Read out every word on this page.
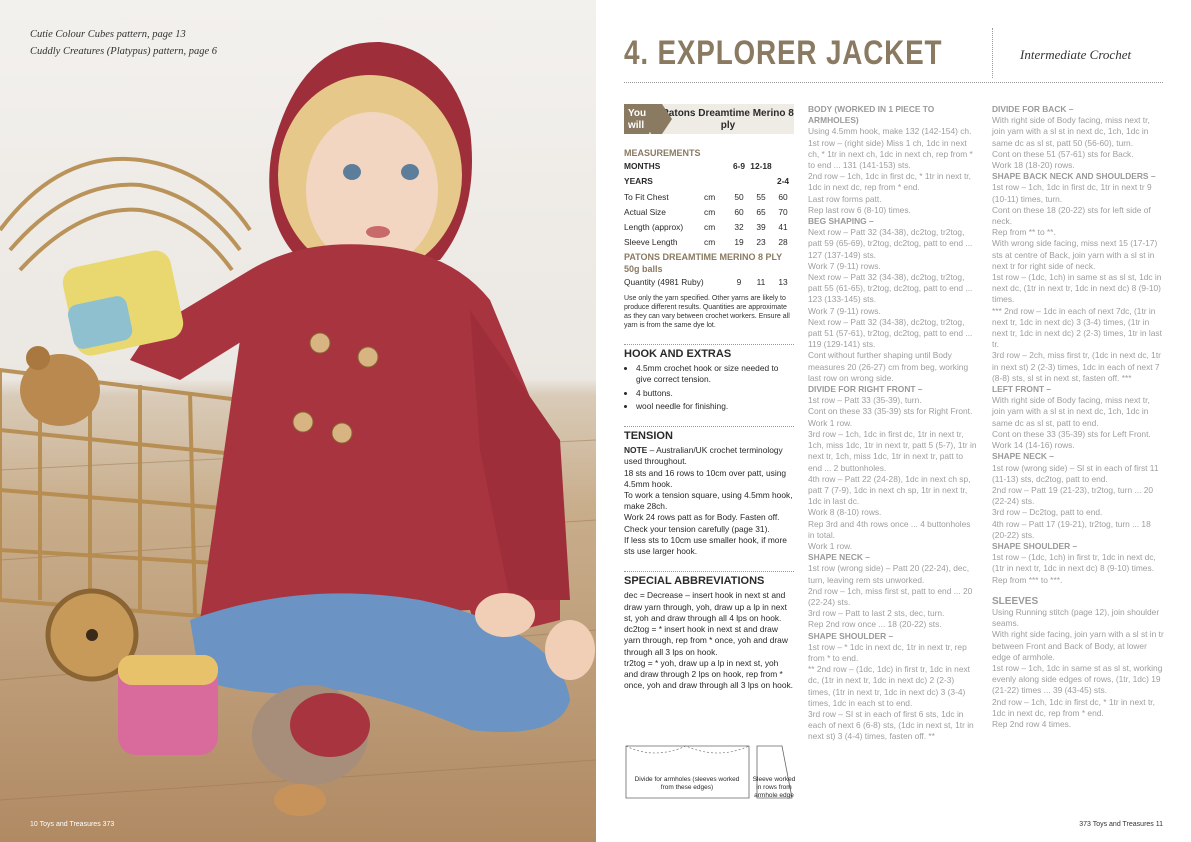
Cutie Colour Cubes pattern, page 13
Cuddly Creatures (Platypus) pattern, page 6
10 Toys and Treasures 373
4. EXPLORER JACKET	Intermediate Crochet
You will need
Patons Dreamtime Merino 8 ply
MEASUREMENTS
MONTHS		6-9	12-18	
YEARS				2-4
To Fit Chest	cm	50	55	60
Actual Size	cm	60	65	70
Length (approx)	cm	32	39	41
Sleeve Length	cm	19	23	28
PATONS DREAMTIME MERINO 8 PLY 50g balls
Quantity (4981 Ruby)	9	11	13
Use only the yarn specified. Other yarns are likely to produce different results. Quantities are approximate as they can vary between crochet workers. Ensure all yarn is from the same dye lot.
HOOK AND EXTRAS
• 4.5mm crochet hook or size needed to give correct tension.
• 4 buttons.
• wool needle for finishing.
TENSION
NOTE – Australian/UK crochet terminology used throughout.
18 sts and 16 rows to 10cm over patt, using 4.5mm hook.
To work a tension square, using 4.5mm hook, make 28ch.
Work 24 rows patt as for Body. Fasten off.
Check your tension carefully (page 31).
If less sts to 10cm use smaller hook, if more sts use larger hook.
SPECIAL ABBREVIATIONS
dec = Decrease – insert hook in next st and draw yarn through, yoh, draw up a lp in next st, yoh and draw through all 4 lps on hook.
dc2tog = * insert hook in next st and draw yarn through, rep from * once, yoh and draw through all 3 lps on hook.
tr2tog = * yoh, draw up a lp in next st, yoh and draw through 2 lps on hook, rep from * once, yoh and draw through all 3 lps on hook.
Divide for armholes (sleeves worked from these edges)
Sleeve worked in rows from armhole edge
BODY (WORKED IN 1 PIECE TO ARMHOLES)
Using 4.5mm hook, make 132 (142-154) ch.
1st row – (right side) Miss 1 ch, 1dc in next ch, * 1tr in next ch, 1dc in next ch, rep from * to end ... 131 (141-153) sts.
2nd row – 1ch, 1dc in first dc, * 1tr in next tr, 1dc in next dc, rep from * end.
Last row forms patt.
Rep last row 6 (8-10) times.
BEG SHAPING –
Next row – Patt 32 (34-38), dc2tog, tr2tog, patt 59 (65-69), tr2tog, dc2tog, patt to end ... 127 (137-149) sts.
Work 7 (9-11) rows.
Next row – Patt 32 (34-38), dc2tog, tr2tog, patt 55 (61-65), tr2tog, dc2tog, patt to end ... 123 (133-145) sts.
Work 7 (9-11) rows.
Next row – Patt 32 (34-38), dc2tog, tr2tog, patt 51 (57-61), tr2tog, dc2tog, patt to end ... 119 (129-141) sts.
Cont without further shaping until Body measures 20 (26-27) cm from beg, working last row on wrong side.
DIVIDE FOR RIGHT FRONT –
1st row – Patt 33 (35-39), turn.
Cont on these 33 (35-39) sts for Right Front. Work 1 row.
3rd row – 1ch, 1dc in first dc, 1tr in next tr, 1ch, miss 1dc, 1tr in next tr, patt 5 (5-7), 1tr in next tr, 1ch, miss 1dc, 1tr in next tr, patt to end ... 2 buttonholes.
4th row – Patt 22 (24-28), 1dc in next ch sp, patt 7 (7-9), 1dc in next ch sp, 1tr in next tr, 1dc in last dc.
Work 8 (8-10) rows.
Rep 3rd and 4th rows once ... 4 buttonholes in total.
Work 1 row.
SHAPE NECK –
1st row (wrong side) – Patt 20 (22-24), dec, turn, leaving rem sts unworked.
2nd row – 1ch, miss first st, patt to end ... 20 (22-24) sts.
3rd row – Patt to last 2 sts, dec, turn.
Rep 2nd row once ... 18 (20-22) sts.
SHAPE SHOULDER –
1st row – * 1dc in next dc, 1tr in next tr, rep from * to end.
** 2nd row – (1dc, 1dc) in first tr, 1dc in next dc, (1tr in next tr, 1dc in next dc) 2 (2-3) times, (1tr in next tr, 1dc in next dc) 3 (3-4) times, 1dc in each st to end.
3rd row – SI st in each of first 6 sts, 1dc in each of next 6 (6-8) sts, (1dc in next st, 1tr in next st) 3 (4-4) times, fasten off. **
DIVIDE FOR BACK –
With right side of Body facing, miss next tr, join yarn with a sl st in next dc, 1ch, 1dc in same dc as sl st, patt 50 (56-60), turn.
Cont on these 51 (57-61) sts for Back.
Work 18 (18-20) rows.
SHAPE BACK NECK AND SHOULDERS –
1st row – 1ch, 1dc in first dc, 1tr in next tr 9 (10-11) times, turn.
Cont on these 18 (20-22) sts for left side of neck.
Rep from ** to **.
With wrong side facing, miss next 15 (17-17) sts at centre of Back, join yarn with a sl st in next tr for right side of neck.
1st row – (1dc, 1ch) in same st as sl st, 1dc in next dc, (1tr in next tr, 1dc in next dc) 8 (9-10) times.
*** 2nd row – 1dc in each of next 7dc, (1tr in next tr, 1dc in next dc) 3 (3-4) times, (1tr in next tr, 1dc in next dc) 2 (2-3) times, 1tr in last tr.
3rd row – 2ch, miss first tr, (1dc in next dc, 1tr in next st) 2 (2-3) times, 1dc in each of next 7 (8-8) sts, sl st in next st, fasten off. ***
LEFT FRONT –
With right side of Body facing, miss next tr, join yarn with a sl st in next dc, 1ch, 1dc in same dc as sl st, patt to end.
Cont on these 33 (35-39) sts for Left Front. Work 14 (14-16) rows.
SHAPE NECK –
1st row (wrong side) – Sl st in each of first 11 (11-13) sts, dc2tog, patt to end.
2nd row – Patt 19 (21-23), tr2tog, turn ... 20 (22-24) sts.
3rd row – Dc2tog, patt to end.
4th row – Patt 17 (19-21), tr2tog, turn ... 18 (20-22) sts.
SHAPE SHOULDER –
1st row – (1dc, 1ch) in first tr, 1dc in next dc, (1tr in next tr, 1dc in next dc) 8 (9-10) times.
Rep from *** to ***.
SLEEVES
Using Running stitch (page 12), join shoulder seams.
With right side facing, join yarn with a sl st in tr between Front and Back of Body, at lower edge of armhole.
1st row – 1ch, 1dc in same st as sl st, working evenly along side edges of rows, (1tr, 1dc) 19 (21-22) times ... 39 (43-45) sts.
2nd row – 1ch, 1dc in first dc, * 1tr in next tr, 1dc in next dc, rep from * end.
Rep 2nd row 4 times.
373 Toys and Treasures 11
